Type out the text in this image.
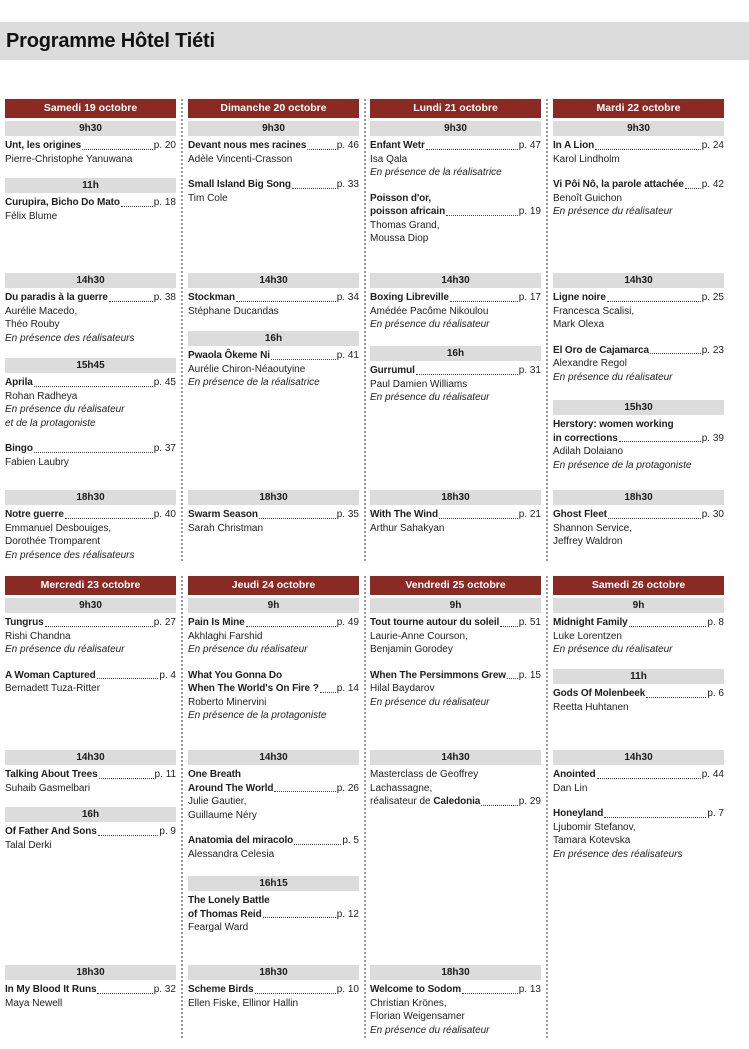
Programme Hôtel Tiéti
Samedi 19 octobre
9h30
Unt, les origines	p. 20
Pierre-Christophe Yanuwana
11h
Curupira, Bicho Do Mato	p. 18
Félix Blume
14h30
Du paradis à la guerre	p. 38
Aurélie Macedo,
Théo Rouby
En présence des réalisateurs
15h45
Aprila	p. 45
Rohan Radheya
En présence du réalisateur
et de la protagoniste
Bingo	p. 37
Fabien Laubry
18h30
Notre guerre	p. 40
Emmanuel Desbouiges,
Dorothée Tromparent
En présence des réalisateurs
Dimanche 20 octobre
9h30
Devant nous mes racines	p. 46
Adèle Vincenti-Crasson
Small Island Big Song	p. 33
Tim Cole
14h30
Stockman	p. 34
Stéphane Ducandas
16h
Pwaola Ôkeme Ni	p. 41
Aurélie Chiron-Néaoutyine
En présence de la réalisatrice
18h30
Swarm Season	p. 35
Sarah Christman
Lundi 21 octobre
9h30
Enfant Wetr	p. 47
Isa Qala
En présence de la réalisatrice
Poisson d'or,
poisson africain	p. 19
Thomas Grand,
Moussa Diop
14h30
Boxing Libreville	p. 17
Amédée Pacôme Nikoulou
En présence du réalisateur
16h
Gurrumul	p. 31
Paul Damien Williams
En présence du réalisateur
18h30
With The Wind	p. 21
Arthur Sahakyan
Mardi 22 octobre
9h30
In A Lion	p. 24
Karol Lindholm
Vi Pôi Nô, la parole attachée p. 42
Benoît Guichon
En présence du réalisateur
14h30
Ligne noire	p. 25
Francesca Scalisi,
Mark Olexa
El Oro de Cajamarca	p. 23
Alexandre Regol
En présence du réalisateur
15h30
Herstory: women working
in corrections	p. 39
Adilah Dolaiano
En présence de la protagoniste
18h30
Ghost Fleet	p. 30
Shannon Service,
Jeffrey Waldron
Mercredi 23 octobre
9h30
Tungrus	p. 27
Rishi Chandna
En présence du réalisateur
A Woman Captured	p. 4
Bernadett Tuza-Ritter
14h30
Talking About Trees	p. 11
Suhaib Gasmelbari
16h
Of Father And Sons	p. 9
Talal Derki
18h30
In My Blood It Runs	p. 32
Maya Newell
Jeudi 24 octobre
9h
Pain Is Mine	p. 49
Akhlaghi Farshid
En présence du réalisateur
What You Gonna Do
When The World's On Fire ? p. 14
Roberto Minervini
En présence de la protagoniste
14h30
One Breath
Around The World	p. 26
Julie Gautier,
Guillaume Néry
Anatomia del miracolo	p. 5
Alessandra Celesia
16h15
The Lonely Battle
of Thomas Reid	p. 12
Feargal Ward
18h30
Scheme Birds	p. 10
Ellen Fiske, Ellinor Hallin
Vendredi 25 octobre
9h
Tout tourne autour du soleil p. 51
Laurie-Anne Courson,
Benjamin Gorodey
When The Persimmons Grew p. 15
Hilal Baydarov
En présence du réalisateur
14h30
Masterclass de Geoffrey Lachassagne,
réalisateur de
Caledonia	p. 29
18h30
Welcome to Sodom	p. 13
Christian Krönes,
Florian Weigensamer
En présence du réalisateur
Samedi 26 octobre
9h
Midnight Family	p. 8
Luke Lorentzen
En présence du réalisateur
11h
Gods Of Molenbeek	p. 6
Reetta Huhtanen
14h30
Anointed	p. 44
Dan Lin
Honeyland	p. 7
Ljubomir Stefanov,
Tamara Kotevska
En présence des réalisateurs
